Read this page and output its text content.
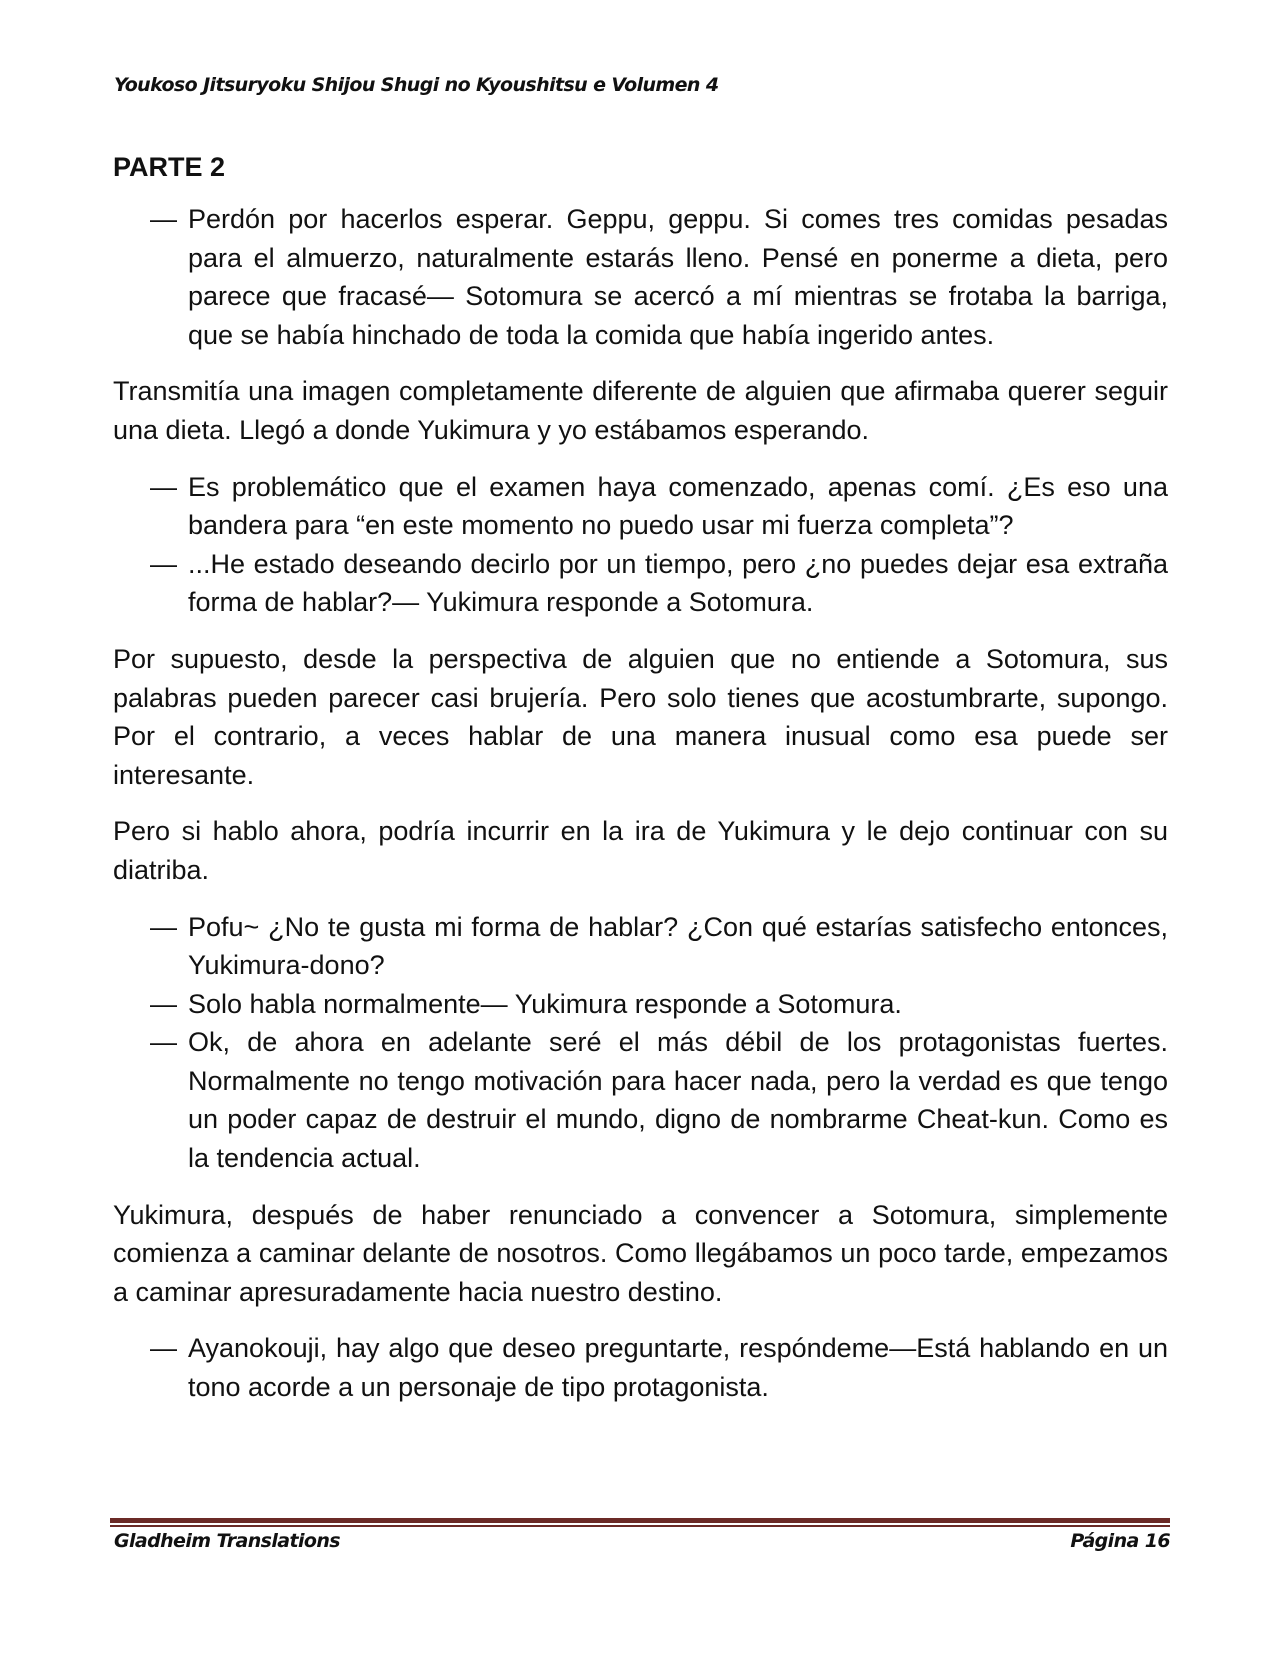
Youkoso Jitsuryoku Shijou Shugi no Kyoushitsu e Volumen 4
PARTE 2
— Perdón por hacerlos esperar. Geppu, geppu. Si comes tres comidas pesadas para el almuerzo, naturalmente estarás lleno. Pensé en ponerme a dieta, pero parece que fracasé— Sotomura se acercó a mí mientras se frotaba la barriga, que se había hinchado de toda la comida que había ingerido antes.
Transmitía una imagen completamente diferente de alguien que afirmaba querer seguir una dieta. Llegó a donde Yukimura y yo estábamos esperando.
— Es problemático que el examen haya comenzado, apenas comí. ¿Es eso una bandera para “en este momento no puedo usar mi fuerza completa”?
— ...He estado deseando decirlo por un tiempo, pero ¿no puedes dejar esa extraña forma de hablar?— Yukimura responde a Sotomura.
Por supuesto, desde la perspectiva de alguien que no entiende a Sotomura, sus palabras pueden parecer casi brujería. Pero solo tienes que acostumbrarte, supongo. Por el contrario, a veces hablar de una manera inusual como esa puede ser interesante.
Pero si hablo ahora, podría incurrir en la ira de Yukimura y le dejo continuar con su diatriba.
— Pofu~ ¿No te gusta mi forma de hablar? ¿Con qué estarías satisfecho entonces, Yukimura-dono?
— Solo habla normalmente— Yukimura responde a Sotomura.
— Ok, de ahora en adelante seré el más débil de los protagonistas fuertes. Normalmente no tengo motivación para hacer nada, pero la verdad es que tengo un poder capaz de destruir el mundo, digno de nombrarme Cheat-kun. Como es la tendencia actual.
Yukimura, después de haber renunciado a convencer a Sotomura, simplemente comienza a caminar delante de nosotros. Como llegábamos un poco tarde, empezamos a caminar apresuradamente hacia nuestro destino.
— Ayanokouji, hay algo que deseo preguntarte, respóndeme—Está hablando en un tono acorde a un personaje de tipo protagonista.
Gladheim Translations	Página 16
